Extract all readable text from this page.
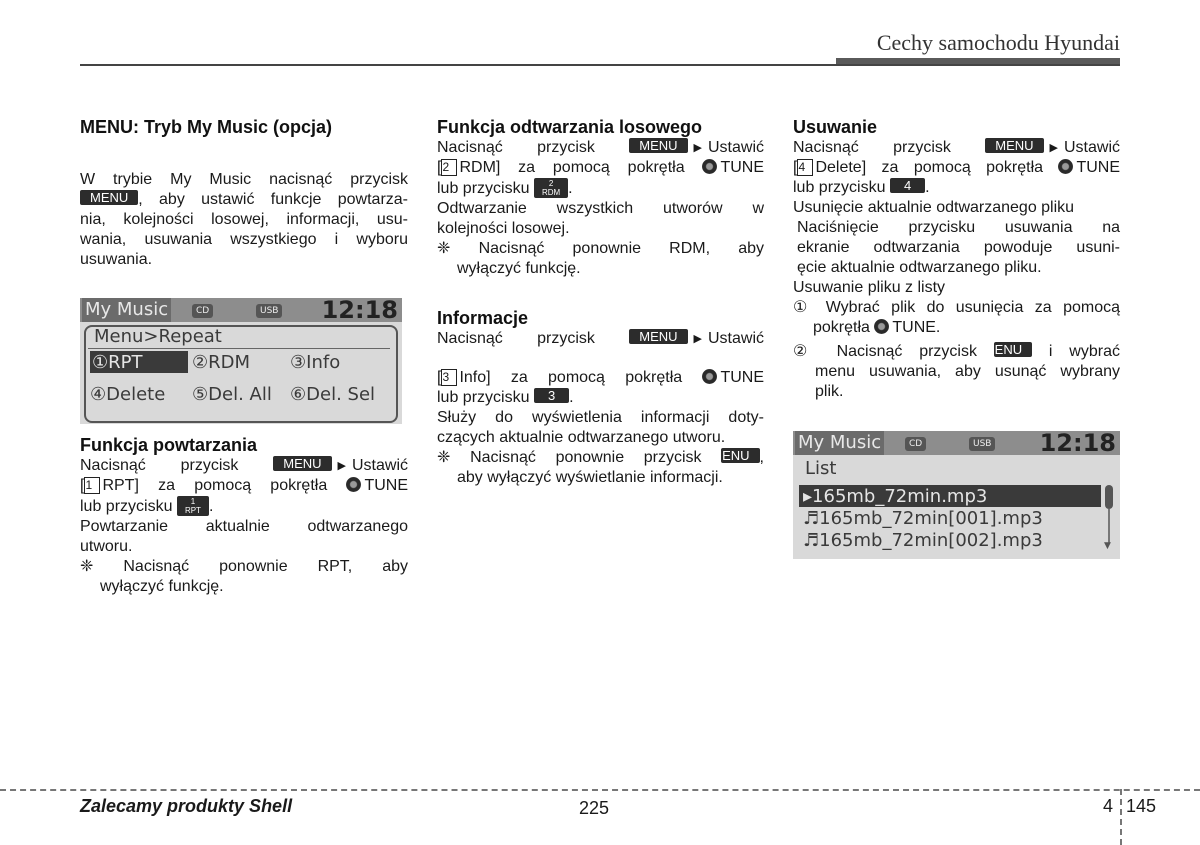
Cechy samochodu Hyundai
MENU: Tryb My Music (opcja)

W trybie My Music nacisnąć przycisk

MENU , aby ustawić funkcje powtarza-

nia, kolejności losowej, informacji, usu-

wania, usuwania wszystkiego i wyboru

usuwania.

My Music	CD	USB 12:18
Menu>Repeat
①RPT	②RDM ③Info
④Delete ⑤Del. All ⑥Del. Sel
Funkcja powtarzania

Nacisnąć przycisk	MENU ▶ Ustawić

[1 RPT] za pomocą pokrętła TUNE

lub przycisku 1
RPT .

Powtarzanie aktualnie odtwarzanego

utworu.

❈ Nacisnąć ponownie RPT, aby

wyłączyć funkcję.

Funkcja odtwarzania losowego

Nacisnąć przycisk	MENU ▶ Ustawić

[2 RDM] za pomocą pokrętła TUNE

lub przycisku 2
RDM .

Odtwarzanie wszystkich utworów w

kolejności losowej.

❈ Nacisnąć ponownie RDM, aby

wyłączyć funkcję.

Informacje

Nacisnąć przycisk	MENU ▶ Ustawić

[3 Info] za pomocą pokrętła TUNE

lub przycisku 3 .

Służy do wyświetlenia informacji doty-

czących aktualnie odtwarzanego utworu.

❈ Nacisnąć ponownie przycisk MENU ,

aby wyłączyć wyświetlanie informacji.

Usuwanie

Nacisnąć przycisk	MENU ▶ Ustawić

[4 Delete] za pomocą pokrętła TUNE

lub przycisku 4 .

Usunięcie aktualnie odtwarzanego pliku

Naciśnięcie przycisku usuwania na

ekranie odtwarzania powoduje usuni-

ęcie aktualnie odtwarzanego pliku.

Usuwanie pliku z listy

① Wybrać plik do usunięcia za pomocą

pokrętła TUNE.

② Nacisnąć przycisk MENU i wybrać

menu usuwania, aby usunąć wybrany

plik.

My Music	CD	USB 12:18
List
▸165mb_72min.mp3
♬165mb_72min[001].mp3
♬165mb_72min[002].mp3	▼
Zalecamy produkty Shell	225	4 145
